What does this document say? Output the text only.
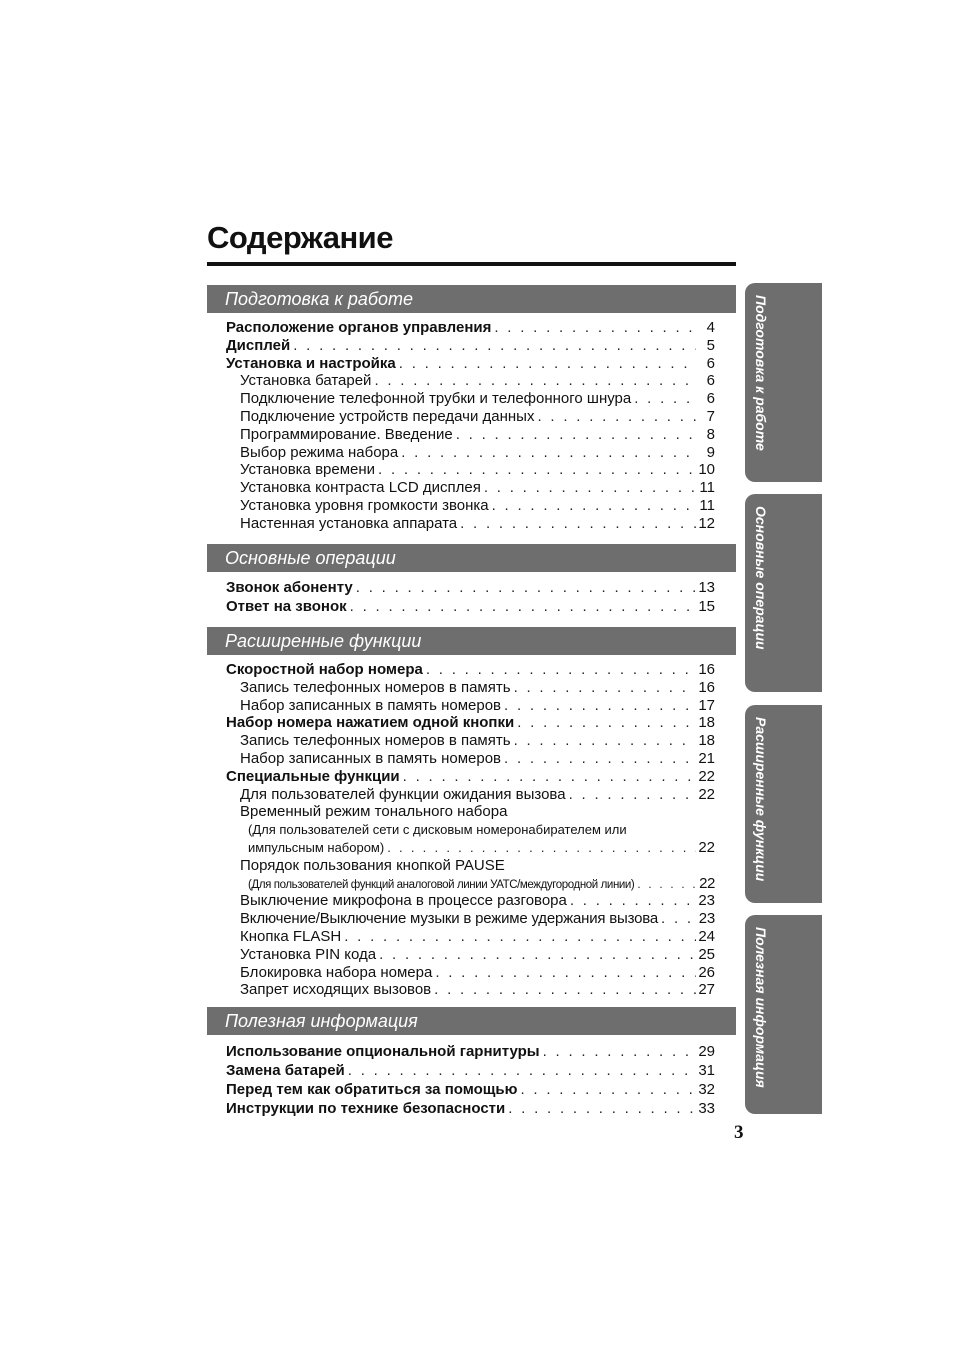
Содержание
Подготовка к работе
Расположение органов управления . . .	4
Дисплей . . .	5
Установка и настройка . . .	6
Установка батарей . . .	6
Подключение телефонной трубки и телефонного шнура . . .	6
Подключение устройств передачи данных . . .	7
Программирование. Введение . . .	8
Выбор режима набора . . .	9
Установка времени . . .	10
Установка контраста LCD дисплея . . .	11
Установка уровня громкости звонка . . .	11
Настенная установка аппарата . . .	12
Основные операции
Звонок абоненту . . .	13
Ответ на звонок . . .	15
Расширенные функции
Скоростной набор номера . . .	16
Запись телефонных номеров в память . . .	16
Набор записанных в память номеров . . .	17
Набор номера нажатием одной кнопки . . .	18
Запись телефонных номеров в память . . .	18
Набор записанных в память номеров . . .	21
Специальные функции . . .	22
Для пользователей функции ожидания вызова . . .	22
Временный режим тонального набора
(Для пользователей сети с дисковым номеронабирателем или
импульсным набором) . . .	22
Порядок пользования кнопкой PAUSE
(Для пользователей функций аналоговой линии УАТС/междугородной линии) . . .	22
Выключение микрофона в процессе разговора . . .	23
Включение/Выключение музыки в режиме удержания вызова . . .	23
Кнопка FLASH . . .	24
Установка PIN кода . . .	25
Блокировка набора номера . . .	26
Запрет исходящих вызовов . . .	27
Полезная информация
Использование опциональной гарнитуры . . .	29
Замена батарей . . .	31
Перед тем как обратиться за помощью . . .	32
Инструкции по технике безопасности . . .	33
Подготовка к работе
Основные операции
Расширенные функции
Полезная информация
3
